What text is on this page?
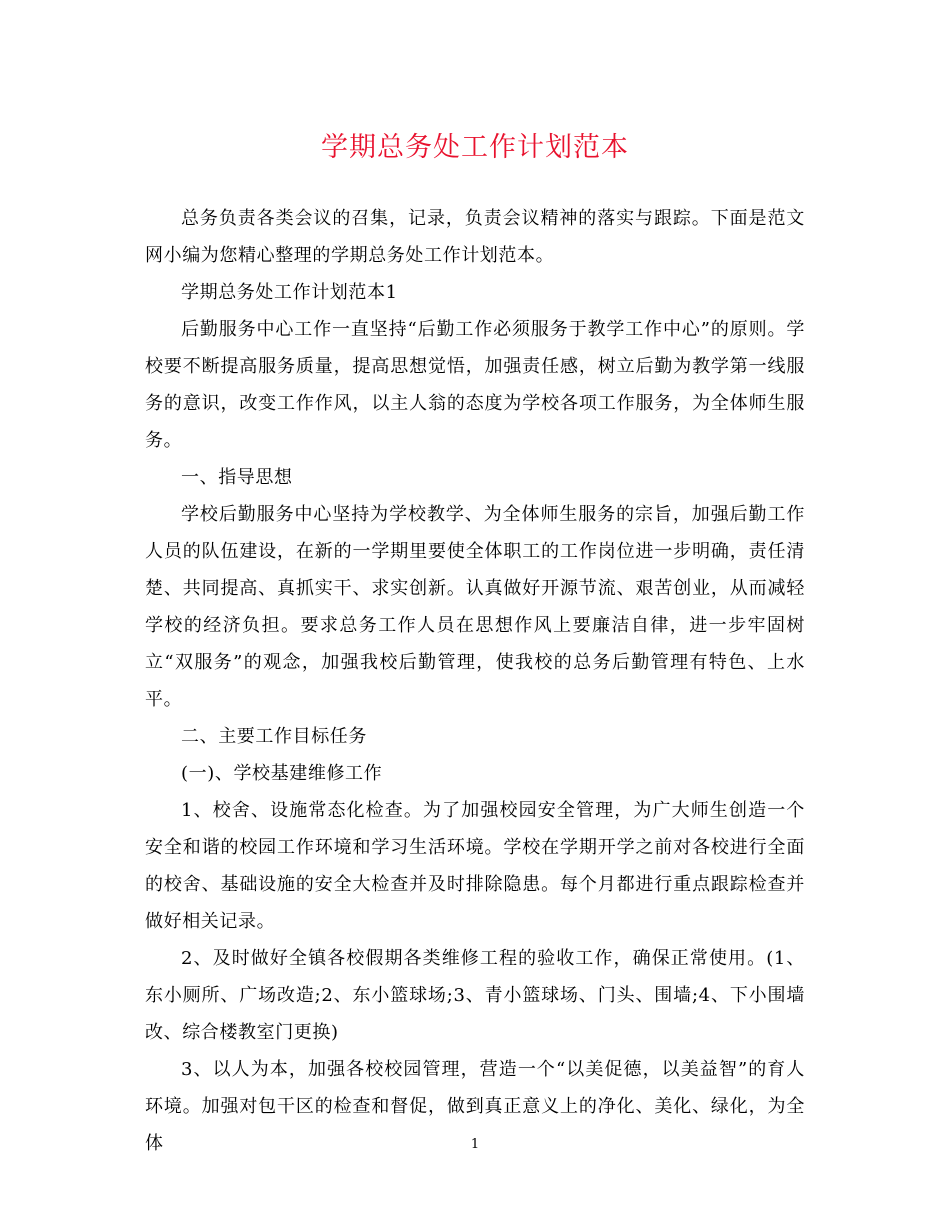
学期总务处工作计划范本

总务负责各类会议的召集，记录，负责会议精神的落实与跟踪。下面是范文网小编为您精心整理的学期总务处工作计划范本。

学期总务处工作计划范本1

后勤服务中心工作一直坚持“后勤工作必须服务于教学工作中心”的原则。学校要不断提高服务质量，提高思想觉悟，加强责任感，树立后勤为教学第一线服务的意识，改变工作作风，以主人翁的态度为学校各项工作服务，为全体师生服务。

一、指导思想

学校后勤服务中心坚持为学校教学、为全体师生服务的宗旨，加强后勤工作人员的队伍建设，在新的一学期里要使全体职工的工作岗位进一步明确，责任清楚、共同提高、真抓实干、求实创新。认真做好开源节流、艰苦创业，从而减轻学校的经济负担。要求总务工作人员在思想作风上要廉洁自律，进一步牢固树立“双服务”的观念，加强我校后勤管理，使我校的总务后勤管理有特色、上水平。

二、主要工作目标任务

(一)、学校基建维修工作

1、校舍、设施常态化检查。为了加强校园安全管理，为广大师生创造一个安全和谐的校园工作环境和学习生活环境。学校在学期开学之前对各校进行全面的校舍、基础设施的安全大检查并及时排除隐患。每个月都进行重点跟踪检查并做好相关记录。

2、及时做好全镇各校假期各类维修工程的验收工作，确保正常使用。(1、东小厕所、广场改造;2、东小篮球场;3、青小篮球场、门头、围墙;4、下小围墙改、综合楼教室门更换)

3、以人为本，加强各校校园管理，营造一个“以美促德，以美益智”的育人环境。加强对包干区的检查和督促，做到真正意义上的净化、美化、绿化，为全体	1
